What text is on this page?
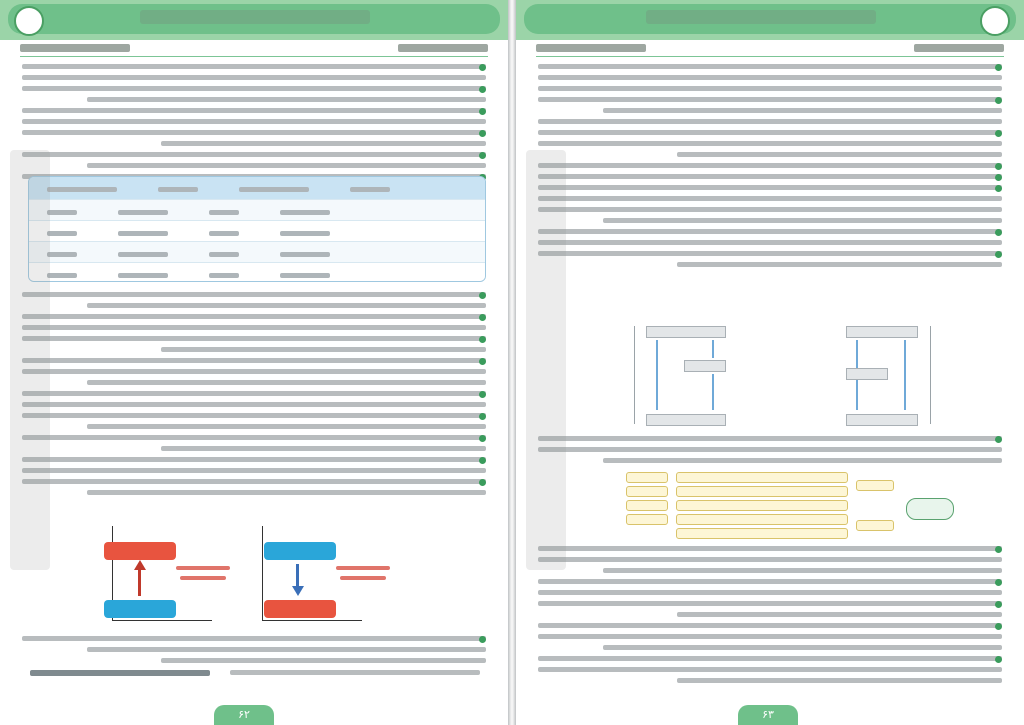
۶۲	۶۳
